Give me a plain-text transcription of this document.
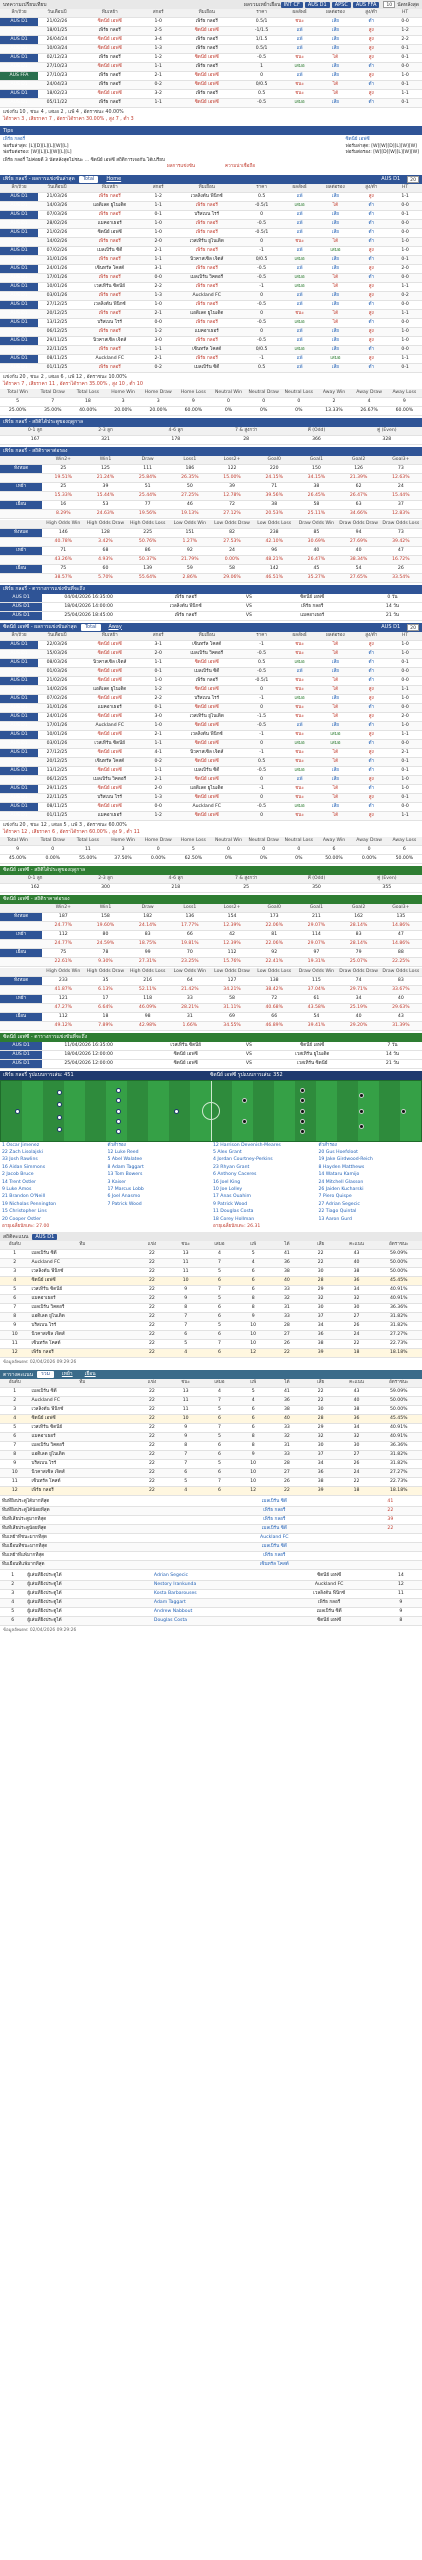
บทความเปรียบเทียบ	ผลรวมเหย้าเยือน INT CF	AUS D1	APSC	AUS FFA	10	นัดหลังสุด
ลีก/ถ้วย	วันเดือนปี	ทีมเหย้า	สกอร์	ทีมเยือน	ราคา	ผลลัพธ์	ผลต่อรอง	สูง/ต่ำ	HT
AUS D1	21/02/26	ซิดนีย์ เอฟซี	1-0	เพิร์ธ กลอรี่	0.5/1	ชนะ	เสีย	ต่ำ	0-0
AUS D1	18/01/25	เพิร์ธ กลอรี่	2-5	ซิดนีย์ เอฟซี	-1/1.5	แพ้	เสีย	สูง	1-2
AUS D1	26/04/24	ซิดนีย์ เอฟซี	3-4	เพิร์ธ กลอรี่	1/1.5	แพ้	เสีย	สูง	2-2
AUS D1	10/03/24	ซิดนีย์ เอฟซี	1-3	เพิร์ธ กลอรี่	0.5/1	แพ้	เสีย	สูง	0-1
AUS D1	02/12/23	เพิร์ธ กลอรี่	1-2	ซิดนีย์ เอฟซี	-0.5	ชนะ	ได้	สูง	0-1
AUS D1	27/10/23	ซิดนีย์ เอฟซี	1-1	เพิร์ธ กลอรี่	1	เสมอ	เสีย	ต่ำ	0-0
AUS FFA	27/10/23	เพิร์ธ กลอรี่	2-1	ซิดนีย์ เอฟซี	0	แพ้	เสีย	สูง	1-0
AUS D1	24/04/23	เพิร์ธ กลอรี่	0-2	ซิดนีย์ เอฟซี	0/0.5	ชนะ	ได้	ต่ำ	0-1
AUS D1	18/02/23	ซิดนีย์ เอฟซี	3-2	เพิร์ธ กลอรี่	0.5	ชนะ	ได้	สูง	1-1
AUS D1	05/11/22	เพิร์ธ กลอรี่	1-1	ซิดนีย์ เอฟซี	-0.5	เสมอ	เสีย	ต่ำ	0-1
แข่งกัน 10 , ชนะ 4 , เสมอ 2 , แพ้ 4 , อัตราชนะ 40.00%
ได้ราคา 3 , เสียราคา 7 , อัตราได้ราคา 30.00% , สูง 7 , ต่ำ 3
Tips
เพิร์ธ กลอรี่
ฟอร์มล่าสุด: [L][D][L][L][W][L]
ฟอร์มต่อรอง: [W][L][L][W][L][L]
ซิดนีย์ เอฟซี
ฟอร์มล่าสุด: [W][W][D][L][W][W]
ฟอร์มต่อรอง: [W][D][W][L][W][W]
เพิร์ธ กลอรี่ ไม่ค่อยดี 3 นัดหลังสุดไม่ชนะ ... ซิดนีย์ เอฟซี สถิติการเจอกัน ได้เปรียบ
ผลการแข่งขัน	ความน่าเชื่อถือ
เพิร์ธ กลอรี่ - ผลการแข่งขันล่าสุด	Total	Home	AUS D1	20
ลีก/ถ้วย	วันเดือนปี	ทีมเหย้า	สกอร์	ทีมเยือน	ราคา	ผลลัพธ์	ผลต่อรอง	สูง/ต่ำ	HT
AUS D1	21/03/26	เพิร์ธ กลอรี่	1-2	เวลลิงตัน ฟีนิกซ์	0.5	แพ้	เสีย	สูง	1-1
AUS D1	14/03/26	แอดิเลด ยูไนเต็ด	1-1	เพิร์ธ กลอรี่	-0.5/1	เสมอ	ได้	ต่ำ	0-0
AUS D1	07/03/26	เพิร์ธ กลอรี่	0-1	บริสเบน โรร์	0	แพ้	เสีย	ต่ำ	0-1
AUS D1	28/02/26	แมคอาเธอร์	1-0	เพิร์ธ กลอรี่	-0.5	แพ้	เสีย	ต่ำ	0-0
AUS D1	21/02/26	ซิดนีย์ เอฟซี	1-0	เพิร์ธ กลอรี่	-0.5/1	แพ้	เสีย	ต่ำ	0-0
AUS D1	14/02/26	เพิร์ธ กลอรี่	2-0	เวสเทิร์น ยูไนเต็ด	0	ชนะ	ได้	ต่ำ	1-0
AUS D1	07/02/26	เมลเบิร์น ซิตี้	2-1	เพิร์ธ กลอรี่	-1	แพ้	เสมอ	สูง	1-0
AUS D1	31/01/26	เพิร์ธ กลอรี่	1-1	นิวคาสเซิล เจ็ตส์	0/0.5	เสมอ	เสีย	ต่ำ	0-1
AUS D1	24/01/26	เซ็นทรัล โคสต์	3-1	เพิร์ธ กลอรี่	-0.5	แพ้	เสีย	สูง	2-0
AUS D1	17/01/26	เพิร์ธ กลอรี่	0-0	เมลเบิร์น วิคตอรี่	-0.5	เสมอ	ได้	ต่ำ	0-0
AUS D1	10/01/26	เวสเทิร์น ซิดนีย์	2-2	เพิร์ธ กลอรี่	-1	เสมอ	ได้	สูง	1-1
AUS D1	03/01/26	เพิร์ธ กลอรี่	1-3	Auckland FC	0	แพ้	เสีย	สูง	0-2
AUS D1	27/12/25	เวลลิงตัน ฟีนิกซ์	1-0	เพิร์ธ กลอรี่	-0.5	แพ้	เสีย	ต่ำ	0-0
AUS D1	20/12/25	เพิร์ธ กลอรี่	2-1	แอดิเลด ยูไนเต็ด	0	ชนะ	ได้	สูง	1-1
AUS D1	13/12/25	บริสเบน โรร์	0-0	เพิร์ธ กลอรี่	-0.5	เสมอ	ได้	ต่ำ	0-0
AUS D1	06/12/25	เพิร์ธ กลอรี่	1-2	แมคอาเธอร์	0	แพ้	เสีย	สูง	1-0
AUS D1	29/11/25	นิวคาสเซิล เจ็ตส์	3-0	เพิร์ธ กลอรี่	-0.5	แพ้	เสีย	สูง	1-0
AUS D1	22/11/25	เพิร์ธ กลอรี่	1-1	เซ็นทรัล โคสต์	0/0.5	เสมอ	เสีย	ต่ำ	0-0
AUS D1	08/11/25	Auckland FC	2-1	เพิร์ธ กลอรี่	-1	แพ้	เสมอ	สูง	1-1
AUS D1	01/11/25	เพิร์ธ กลอรี่	0-2	เมลเบิร์น ซิตี้	0.5	แพ้	เสีย	ต่ำ	0-1
แข่งกัน 20 , ชนะ 2 , เสมอ 6 , แพ้ 12 , อัตราชนะ 10.00%
ได้ราคา 7 , เสียราคา 11 , อัตราได้ราคา 35.00% , สูง 10 , ต่ำ 10
Total Win	Total Draw	Total Loss	Home Win	Home Draw	Home Loss	Neutral Win	Neutral Draw	Neutral Loss	Away Win	Away Draw	Away Loss
5	7	18	3	3	9	0	0	0	2	4	9
25.00%	35.00%	40.00%	20.00%	20.00%	60.00%	0%	0%	0%	13.33%	26.67%	60.00%
เพิร์ธ กลอรี่ - สถิติได้ประตูของฤดูกาล
0-1 ลูก	2-3 ลูก	4-6 ลูก	7 & สูงกว่า	คี่ (Odd)	คู่ (Even)
167	321	178	28	366	328
เพิร์ธ กลอรี่ - สถิติราคาต่อรอง
	Win2+	Win1	Draw	Loss1	Loss2+	Goal0	Goal1	Goal2	Goal3+
ทั้งหมด	25	125	111	186	122	220	150	126	73
	19.51%	21.24%	25.84%	26.35%	15.00%	24.15%	34.15%	21.39%	12.63%
เหย้า	25	39	51	50	39	71	38	62	24
	15.33%	15.44%	25.44%	27.25%	12.78%	39.56%	26.45%	26.47%	15.44%
เยือน	16	53	77	46	72	38	58	63	37
	8.29%	24.63%	19.56%	19.13%	27.12%	20.53%	25.11%	34.66%	12.83%
	High Odds Win	High Odds Draw	High Odds Loss	Low Odds Win	Low Odds Draw	Low Odds Loss	Draw Odds Win	Draw Odds Draw	Draw Odds Loss
ทั้งหมด	146	128	225	151	82	238	85	94	73
	40.78%	3.42%	50.76%	1.27%	27.53%	42.10%	30.69%	27.69%	39.42%
เหย้า	71	68	86	92	24	96	40	40	47
	43.26%	4.93%	50.37%	21.79%	0.00%	48.21%	26.47%	38.34%	16.72%
เยือน	75	60	139	59	58	142	45	54	26
	38.57%	5.70%	55.64%	2.86%	29.06%	46.51%	35.27%	27.65%	33.54%
เพิร์ธ กลอรี่ - ตารางการแข่งขันที่จะถึง
AUS D1	04/04/2026 16:35:00	เพิร์ธ กลอรี่	VS	ซิดนีย์ เอฟซี	0 วัน
AUS D1	18/04/2026 14:00:00	เวลลิงตัน ฟีนิกซ์	VS	เพิร์ธ กลอรี่	14 วัน
AUS D1	25/04/2026 18:45:00	เพิร์ธ กลอรี่	VS	แมคอาเธอร์	21 วัน
ซิดนีย์ เอฟซี - ผลการแข่งขันล่าสุด	Total	Away	AUS D1	20
ลีก/ถ้วย	วันเดือนปี	ทีมเหย้า	สกอร์	ทีมเยือน	ราคา	ผลลัพธ์	ผลต่อรอง	สูง/ต่ำ	HT
AUS D1	22/03/26	ซิดนีย์ เอฟซี	3-1	เซ็นทรัล โคสต์	-1	ชนะ	ได้	สูง	1-0
AUS D1	15/03/26	ซิดนีย์ เอฟซี	2-0	เมลเบิร์น วิคตอรี่	-0.5	ชนะ	ได้	ต่ำ	1-0
AUS D1	08/03/26	นิวคาสเซิล เจ็ตส์	1-1	ซิดนีย์ เอฟซี	0.5	เสมอ	เสีย	ต่ำ	0-1
AUS D1	01/03/26	ซิดนีย์ เอฟซี	0-1	เมลเบิร์น ซิตี้	-0.5	แพ้	เสีย	ต่ำ	0-0
AUS D1	21/02/26	ซิดนีย์ เอฟซี	1-0	เพิร์ธ กลอรี่	-0.5/1	ชนะ	ได้	ต่ำ	0-0
AUS D1	14/02/26	แอดิเลด ยูไนเต็ด	1-2	ซิดนีย์ เอฟซี	0	ชนะ	ได้	สูง	1-1
AUS D1	07/02/26	ซิดนีย์ เอฟซี	2-2	บริสเบน โรร์	-1	เสมอ	เสีย	สูง	1-0
AUS D1	31/01/26	แมคอาเธอร์	0-1	ซิดนีย์ เอฟซี	0	ชนะ	ได้	ต่ำ	0-0
AUS D1	24/01/26	ซิดนีย์ เอฟซี	3-0	เวสเทิร์น ยูไนเต็ด	-1.5	ชนะ	ได้	สูง	2-0
AUS D1	17/01/26	Auckland FC	1-0	ซิดนีย์ เอฟซี	-0.5	แพ้	เสีย	ต่ำ	1-0
AUS D1	10/01/26	ซิดนีย์ เอฟซี	2-1	เวลลิงตัน ฟีนิกซ์	-1	ชนะ	เสมอ	สูง	1-1
AUS D1	03/01/26	เวสเทิร์น ซิดนีย์	1-1	ซิดนีย์ เอฟซี	0	เสมอ	เสมอ	ต่ำ	0-0
AUS D1	27/12/25	ซิดนีย์ เอฟซี	4-1	นิวคาสเซิล เจ็ตส์	-1	ชนะ	ได้	สูง	2-1
AUS D1	20/12/25	เซ็นทรัล โคสต์	0-2	ซิดนีย์ เอฟซี	0.5	ชนะ	ได้	ต่ำ	0-1
AUS D1	13/12/25	ซิดนีย์ เอฟซี	1-1	เมลเบิร์น ซิตี้	-0.5	เสมอ	เสีย	ต่ำ	0-1
AUS D1	06/12/25	เมลเบิร์น วิคตอรี่	2-1	ซิดนีย์ เอฟซี	0	แพ้	เสีย	สูง	1-0
AUS D1	29/11/25	ซิดนีย์ เอฟซี	2-0	แอดิเลด ยูไนเต็ด	-1	ชนะ	ได้	ต่ำ	1-0
AUS D1	22/11/25	บริสเบน โรร์	1-3	ซิดนีย์ เอฟซี	0	ชนะ	ได้	สูง	0-1
AUS D1	08/11/25	ซิดนีย์ เอฟซี	0-0	Auckland FC	-0.5	เสมอ	เสีย	ต่ำ	0-0
AUS D1	01/11/25	แมคอาเธอร์	1-2	ซิดนีย์ เอฟซี	0	ชนะ	ได้	สูง	1-1
แข่งกัน 20 , ชนะ 12 , เสมอ 5 , แพ้ 3 , อัตราชนะ 60.00%
ได้ราคา 12 , เสียราคา 6 , อัตราได้ราคา 60.00% , สูง 9 , ต่ำ 11
Total Win	Total Draw	Total Loss	Home Win	Home Draw	Home Loss	Neutral Win	Neutral Draw	Neutral Loss	Away Win	Away Draw	Away Loss
9	0	11	3	0	5	0	0	0	6	0	6
45.00%	0.00%	55.00%	37.50%	0.00%	62.50%	0%	0%	0%	50.00%	0.00%	50.00%
ซิดนีย์ เอฟซี - สถิติได้ประตูของฤดูกาล
0-1 ลูก	2-3 ลูก	4-6 ลูก	7 & สูงกว่า	คี่ (Odd)	คู่ (Even)
162	300	218	25	350	355
ซิดนีย์ เอฟซี - สถิติราคาต่อรอง
	Win2+	Win1	Draw	Loss1	Loss2+	Goal0	Goal1	Goal2	Goal3+
ทั้งหมด	187	158	182	136	154	173	211	162	135
	24.77%	19.60%	24.14%	17.77%	12.39%	22.06%	29.07%	28.14%	14.86%
เหย้า	112	80	83	66	42	81	114	83	47
	24.77%	24.59%	18.75%	19.81%	12.39%	22.06%	29.07%	28.14%	14.86%
เยือน	75	78	99	70	112	92	97	79	88
	22.61%	9.30%	27.31%	23.25%	15.76%	22.41%	19.31%	25.07%	22.25%
	High Odds Win	High Odds Draw	High Odds Loss	Low Odds Win	Low Odds Draw	Low Odds Loss	Draw Odds Win	Draw Odds Draw	Draw Odds Loss
ทั้งหมด	233	35	216	64	127	138	115	74	83
	41.87%	6.13%	52.11%	21.42%	34.21%	38.42%	37.04%	29.71%	33.67%
เหย้า	121	17	118	33	58	72	61	34	40
	47.27%	6.64%	46.09%	28.21%	31.11%	40.68%	43.58%	25.19%	29.63%
เยือน	112	18	98	31	69	66	54	40	43
	49.12%	7.89%	42.98%	1.66%	34.55%	46.89%	39.41%	29.20%	31.39%
ซิดนีย์ เอฟซี - ตารางการแข่งขันที่จะถึง
AUS D1	11/04/2026 16:35:00	เวสเทิร์น ซิดนีย์	VS	ซิดนีย์ เอฟซี	7 วัน
AUS D1	18/04/2026 12:00:00	ซิดนีย์ เอฟซี	VS	เวสเทิร์น ยูไนเต็ด	14 วัน
AUS D1	25/04/2026 12:00:00	ซิดนีย์ เอฟซี	VS	เวสเทิร์น ซิดนีย์	21 วัน
เพิร์ธ กลอรี่ รูปแบบการเล่น: 451	ซิดนีย์ เอฟซี รูปแบบการเล่น: 352
1 Oscar Jimenez
22 Zach Lisolajski
33 Josh Rawlins
16 Aidan Simmons
2 Jacob Bruce
14 Trent Ostler
9 Luke Amos
21 Brandon O'Neill
19 Nicholas Pennington
15 Christopher Lins
20 Cooper Ostler
ตัวสำรอง
12 Luke Reed
5 Abel Walatee
8 Adam Taggart
13 Tom Bowers
3 Kaiser
17 Marcus Lobb
6 Joel Anasmo
7 Patrick Wood

12 Harrison Devenish-Meares
5 Alex Grant
4 Jordan Courtney-Perkins
23 Rhyan Grant
6 Anthony Caceres
16 Joel King
10 Joe Lolley
17 Anas Ouahim
9 Patrick Wood
11 Douglas Costa
18 Corey Hollman
ตัวสำรอง
20 Gus Hoefsloot
19 Jake Girdwood-Reich
8 Hayden Matthews
14 Wataru Kamijo
24 Mitchell Glasson
26 Jaiden Kucharski
7 Piero Quispe
27 Adrian Segecic
22 Tiago Quintal
13 Aaron Gurd
อายุเฉลี่ยนักเตะ: 27.00	อายุเฉลี่ยนักเตะ: 26.31
สถิติคะแนน	AUS D1
อันดับ	ทีม	แข่ง	ชนะ	เสมอ	แพ้	ได้	เสีย	คะแนน	อัตราชนะ
1	เมลเบิร์น ซิตี้	22	13	4	5	41	22	43	59.09%
2	Auckland FC	22	11	7	4	36	22	40	50.00%
3	เวลลิงตัน ฟีนิกซ์	22	11	5	6	38	30	38	50.00%
4	ซิดนีย์ เอฟซี	22	10	6	6	40	28	36	45.45%
5	เวสเทิร์น ซิดนีย์	22	9	7	6	33	29	34	40.91%
6	แมคอาเธอร์	22	9	5	8	32	32	32	40.91%
7	เมลเบิร์น วิคตอรี่	22	8	6	8	31	30	30	36.36%
8	แอดิเลด ยูไนเต็ด	22	7	6	9	33	37	27	31.82%
9	บริสเบน โรร์	22	7	5	10	28	34	26	31.82%
10	นิวคาสเซิล เจ็ตส์	22	6	6	10	27	36	24	27.27%
11	เซ็นทรัล โคสต์	22	5	7	10	26	38	22	22.73%
12	เพิร์ธ กลอรี่	22	4	6	12	22	39	18	18.18%
ข้อมูลอัพเดท: 02/04/2026 09:29:26
ตารางคะแนน	รวม	เหย้า	เยือน
อันดับ	ทีม	แข่ง	ชนะ	เสมอ	แพ้	ได้	เสีย	คะแนน	อัตราชนะ
1	เมลเบิร์น ซิตี้	22	13	4	5	41	22	43	59.09%
2	Auckland FC	22	11	7	4	36	22	40	50.00%
3	เวลลิงตัน ฟีนิกซ์	22	11	5	6	38	30	38	50.00%
4	ซิดนีย์ เอฟซี	22	10	6	6	40	28	36	45.45%
5	เวสเทิร์น ซิดนีย์	22	9	7	6	33	29	34	40.91%
6	แมคอาเธอร์	22	9	5	8	32	32	32	40.91%
7	เมลเบิร์น วิคตอรี่	22	8	6	8	31	30	30	36.36%
8	แอดิเลด ยูไนเต็ด	22	7	6	9	33	37	27	31.82%
9	บริสเบน โรร์	22	7	5	10	28	34	26	31.82%
10	นิวคาสเซิล เจ็ตส์	22	6	6	10	27	36	24	27.27%
11	เซ็นทรัล โคสต์	22	5	7	10	26	38	22	22.73%
12	เพิร์ธ กลอรี่	22	4	6	12	22	39	18	18.18%
ทีมที่ยิงประตูได้มากที่สุด	เมลเบิร์น ซิตี้	41
ทีมที่ยิงประตูได้น้อยที่สุด	เพิร์ธ กลอรี่	22
ทีมที่เสียประตูมากที่สุด	เพิร์ธ กลอรี่	39
ทีมที่เสียประตูน้อยที่สุด	เมลเบิร์น ซิตี้	22
ทีมเหย้าที่ชนะมากที่สุด	Auckland FC	
ทีมเยือนที่ชนะมากที่สุด	เมลเบิร์น ซิตี้	
ทีมเหย้าที่แพ้มากที่สุด	เพิร์ธ กลอรี่	
ทีมเยือนที่แพ้มากที่สุด	เซ็นทรัล โคสต์	
1	ผู้เล่นที่ยิงประตูได้	Adrian Segecic	ซิดนีย์ เอฟซี	14
2	ผู้เล่นที่ยิงประตูได้	Nestory Irankunda	Auckland FC	12
3	ผู้เล่นที่ยิงประตูได้	Kosta Barbarouses	เวลลิงตัน ฟีนิกซ์	11
4	ผู้เล่นที่ยิงประตูได้	Adam Taggart	เพิร์ธ กลอรี่	9
5	ผู้เล่นที่ยิงประตูได้	Andrew Nabbout	เมลเบิร์น ซิตี้	9
6	ผู้เล่นที่ยิงประตูได้	Douglas Costa	ซิดนีย์ เอฟซี	8
ข้อมูลอัพเดท: 02/04/2026 09:29:26
